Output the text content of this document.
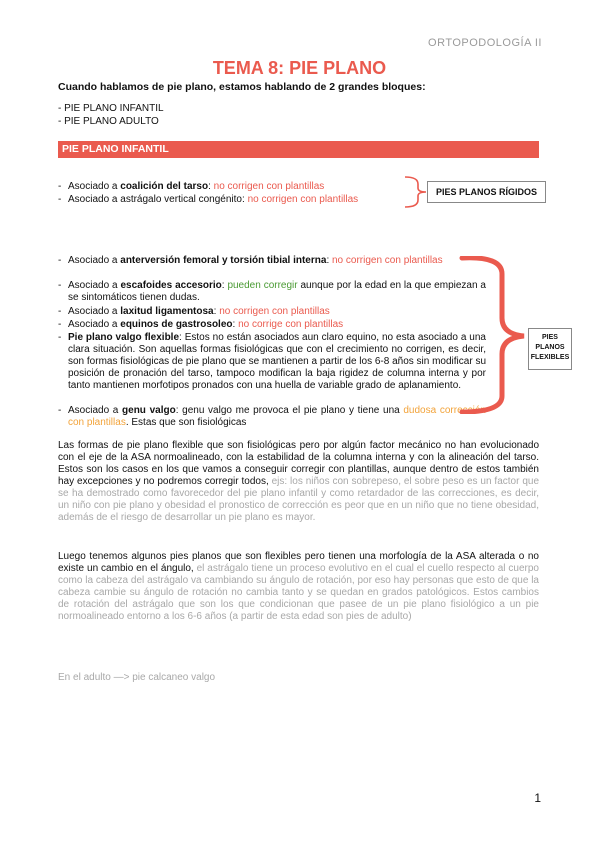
ORTOPODOLOGÍA II
TEMA 8: PIE PLANO
Cuando hablamos de pie plano, estamos hablando de 2 grandes bloques:
- PIE PLANO INFANTIL
- PIE PLANO ADULTO
PIE PLANO INFANTIL
- Asociado a coalición del tarso: no corrigen con plantillas
- Asociado a astrágalo vertical congénito: no corrigen con plantillas
PIES PLANOS RÍGIDOS
- Asociado a anterversión femoral y torsión tibial interna: no corrigen con plantillas
- Asociado a escafoides accesorio: pueden corregir aunque por la edad en la que empiezan a se sintomáticos tienen dudas.
- Asociado a laxitud ligamentosa: no corrigen con plantillas
- Asociado a equinos de gastrosoleo: no corrige con plantillas
- Pie plano valgo flexible: Estos no están asociados aun claro equino, no esta asociado a una clara situación. Son aquellas formas fisiológicas que con el crecimiento no corrigen, es decir, son formas fisiológicas de pie plano que se mantienen a partir de los 6-8 años sin modificar su posición de pronación del tarso, tampoco modifican la baja rigidez de columna interna y por tanto mantienen morfotipos pronados con una huella de variable grado de aplanamiento.
- Asociado a genu valgo: genu valgo me provoca el pie plano y tiene una dudosa corrección con plantillas. Estas que son fisiológicas
PIES
PLANOS
FLEXIBLES
Las formas de pie plano flexible que son fisiológicas pero por algún factor mecánico no han evolucionado con el eje de la ASA normoalineado, con la estabilidad de la columna interna y con la alineación del tarso. Estos son los casos en los que vamos a conseguir corregir con plantillas, aunque dentro de estos también hay excepciones y no podremos corregir todos, ejs: los niños con sobrepeso, el sobre peso es un factor que se ha demostrado como favorecedor del pie plano infantil y como retardador de las correcciones, es decir, un niño con pie plano y obesidad el pronostico de corrección es peor que en un niño que no tiene obesidad, además de el riesgo de desarrollar un pie plano es mayor.
Luego tenemos algunos pies planos que son flexibles pero tienen una morfología de la ASA alterada o no existe un cambio en el ángulo, el astrágalo tiene un proceso evolutivo en el cual el cuello respecto al cuerpo como la cabeza del astrágalo va cambiando su ángulo de rotación, por eso hay personas que esto de que la cabeza cambie su ángulo de rotación no cambia tanto y se quedan en grados patológicos. Estos cambios de rotación del astrágalo que son los que condicionan que pasee de un pie plano fisiológico a un pie normoalineado entorno a los 6-6 años (a partir de esta edad son pies de adulto)
En el adulto —> pie calcaneo valgo
1
